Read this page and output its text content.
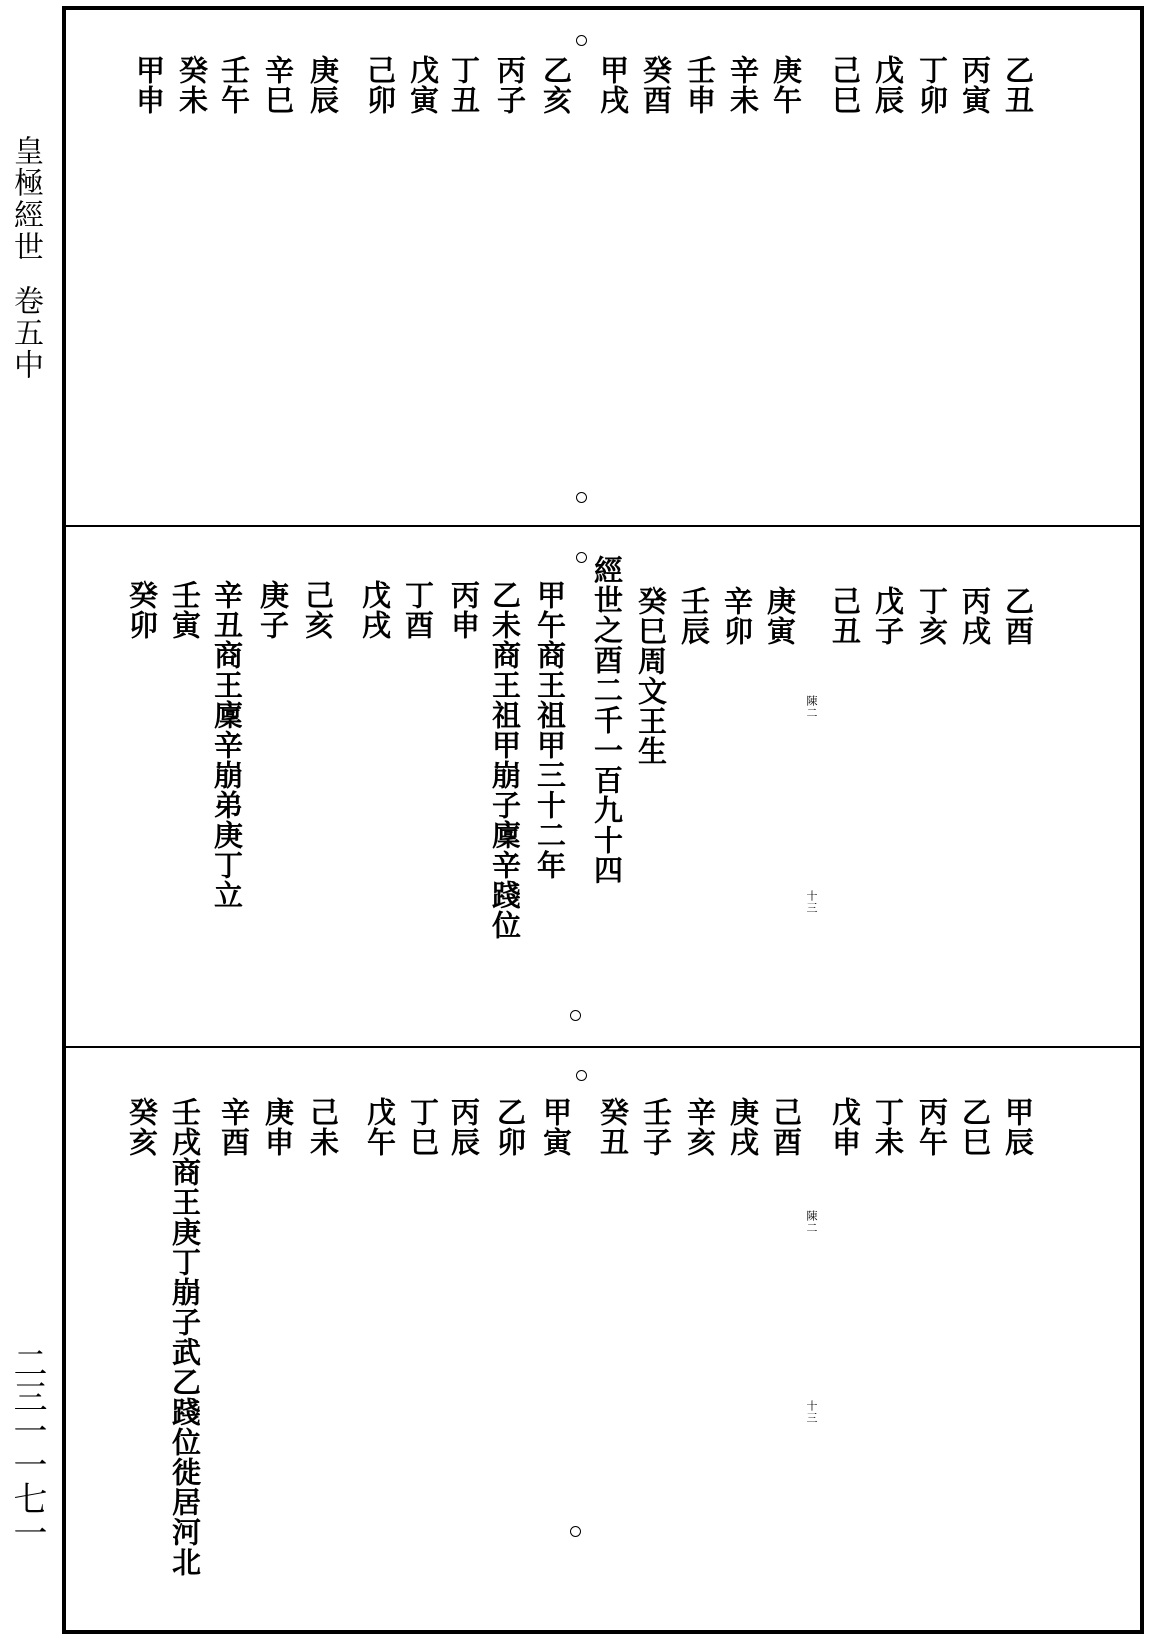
皇極經世
卷五中
二三一一七一
乙丑
丙寅
丁卯
戊辰
己巳
庚午
辛未
壬申
癸酉
甲戌
乙亥
丙子
丁丑
戊寅
己卯
庚辰
辛巳
壬午
癸未
甲申
乙酉
丙戌
丁亥
戊子
己丑
陳二
十三
庚寅
辛卯
壬辰
癸巳周文王生
經世之酉二千一百九十四
甲午商王祖甲三十二年
乙未商王祖甲崩子廩辛踐位
丙申
丁酉
戊戌
己亥
庚子
辛丑商王廩辛崩弟庚丁立
壬寅
癸卯
甲辰
乙巳
丙午
丁未
戊申
陳二
十三
己酉
庚戌
辛亥
壬子
癸丑
甲寅
乙卯
丙辰
丁巳
戊午
己未
庚申
辛酉
壬戌商王庚丁崩子武乙踐位徙居河北
癸亥
